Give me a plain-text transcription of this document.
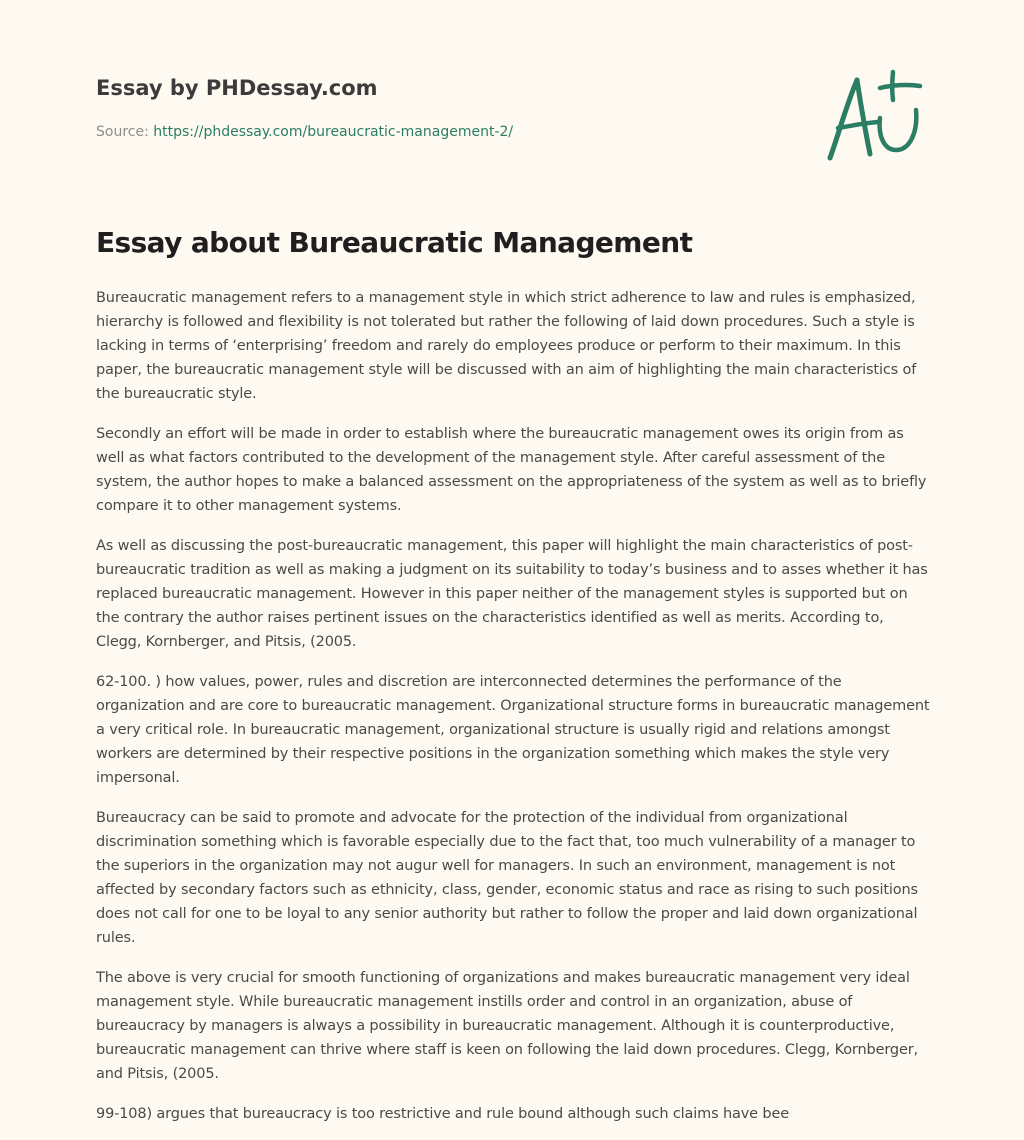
Essay by PHDessay.com
Source: https://phdessay.com/bureaucratic-management-2/
Essay about Bureaucratic Management

Bureaucratic management refers to a management style in which strict adherence to law and rules is emphasized, hierarchy is followed and flexibility is not tolerated but rather the following of laid down procedures. Such a style is lacking in terms of ‘enterprising’ freedom and rarely do employees produce or perform to their maximum. In this paper, the bureaucratic management style will be discussed with an aim of highlighting the main characteristics of the bureaucratic style.

Secondly an effort will be made in order to establish where the bureaucratic management owes its origin from as well as what factors contributed to the development of the management style. After careful assessment of the system, the author hopes to make a balanced assessment on the appropriateness of the system as well as to briefly compare it to other management systems.

As well as discussing the post-bureaucratic management, this paper will highlight the main characteristics of post-bureaucratic tradition as well as making a judgment on its suitability to today’s business and to asses whether it has replaced bureaucratic management. However in this paper neither of the management styles is supported but on the contrary the author raises pertinent issues on the characteristics identified as well as merits. According to, Clegg, Kornberger, and Pitsis, (2005.

62-100. ) how values, power, rules and discretion are interconnected determines the performance of the organization and are core to bureaucratic management. Organizational structure forms in bureaucratic management a very critical role. In bureaucratic management, organizational structure is usually rigid and relations amongst workers are determined by their respective positions in the organization something which makes the style very impersonal.

Bureaucracy can be said to promote and advocate for the protection of the individual from organizational discrimination something which is favorable especially due to the fact that, too much vulnerability of a manager to the superiors in the organization may not augur well for managers. In such an environment, management is not affected by secondary factors such as ethnicity, class, gender, economic status and race as rising to such positions does not call for one to be loyal to any senior authority but rather to follow the proper and laid down organizational rules.

The above is very crucial for smooth functioning of organizations and makes bureaucratic management very ideal management style. While bureaucratic management instills order and control in an organization, abuse of bureaucracy by managers is always a possibility in bureaucratic management. Although it is counterproductive, bureaucratic management can thrive where staff is keen on following the laid down procedures. Clegg, Kornberger, and Pitsis, (2005.

99-108) argues that bureaucracy is too restrictive and rule bound although such claims have bee
